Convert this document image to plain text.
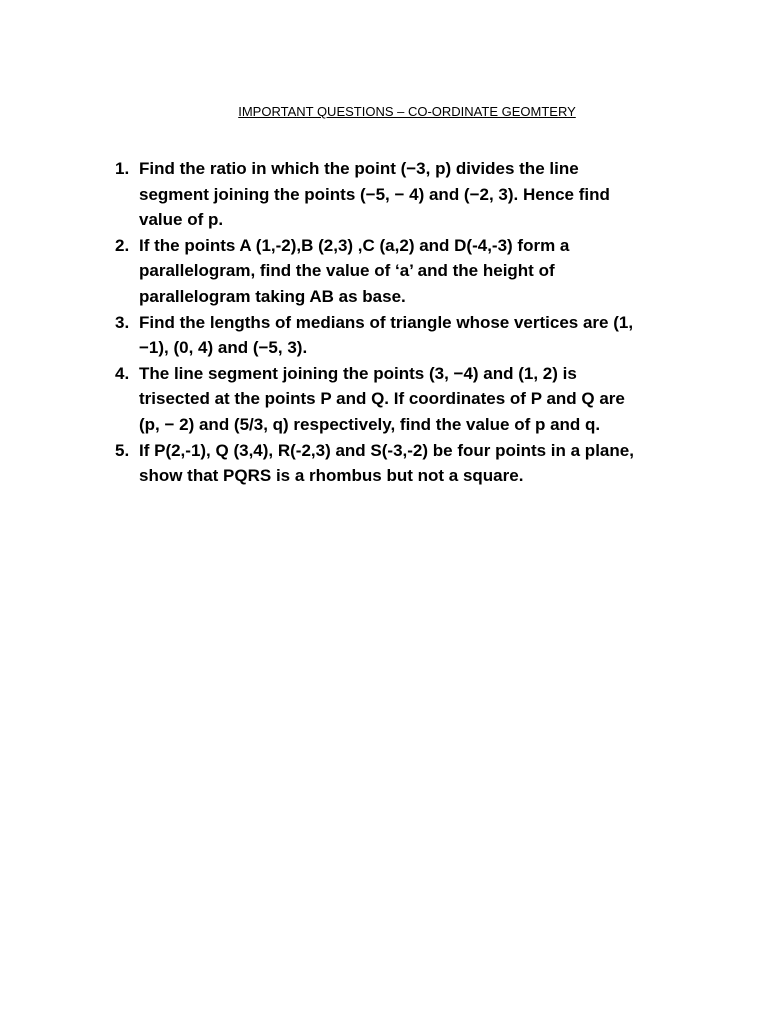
IMPORTANT QUESTIONS – CO-ORDINATE GEOMTERY
1. Find the ratio in which the point (−3, p) divides the line
segment joining the points (−5, − 4) and (−2, 3). Hence find
value of p.
2. If the points A (1,-2),B (2,3) ,C (a,2) and D(-4,-3) form a
parallelogram, find the value of ‘a’ and the height of
parallelogram taking AB as base.
3. Find the lengths of medians of triangle whose vertices are (1,
−1), (0, 4) and (−5, 3).
4. The line segment joining the points (3, −4) and (1, 2) is
trisected at the points P and Q. If coordinates of P and Q are
(p, − 2) and (5/3, q) respectively, find the value of p and q.
5. If P(2,-1), Q (3,4), R(-2,3) and S(-3,-2) be four points in a plane,
show that PQRS is a rhombus but not a square.
